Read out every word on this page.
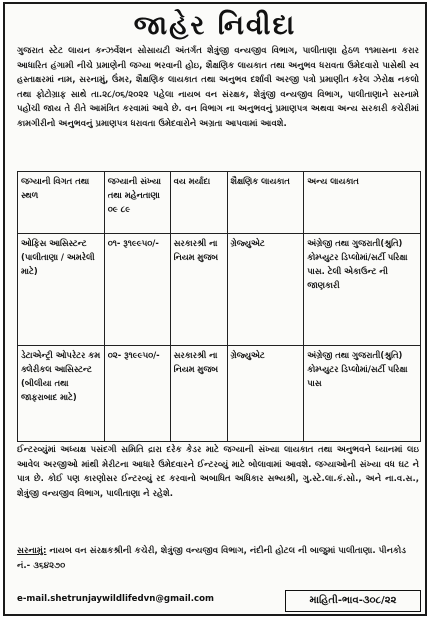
જાહેર નિવીદા
ગુજરાત સ્ટેટ લાયન કન્ઝર્વેશન સોસાયટી અંતર્ગત શેત્રુંજી વન્યજીવ વિભાગ, પાલીતાણા હેઠળ ૧૧માસના કરાર આધારિત હંગામી નીચે પ્રમાણેની જગ્યા ભરવાની હોઇ, શૈક્ષણિક લાયકાત તથા અનુભવ ધરાવતા ઉમેદવારો પાસેથી સ્વ હસ્તાક્ષરમાં નામ, સરનામું, ઉંમર, શૈક્ષણિક લાયકાત તથા અનુભવ દર્શાવી અરજી પત્રો પ્રમાણીત કરેલ ઝેરોક્ષ નકલો તથા ફોટોગ્રાફ સાથે તા.૨૮/૦૬/૨૦૨૨ પહેલા નાયબ વન સંરક્ષક, શેત્રુંજી વન્યજીવ વિભાગ, પાલીતાણાને સરનામે પહોંચી જાય તે રીતે આમંત્રિત કરવામાં આવે છે. વન વિભાગ ના અનુભવનું પ્રમાણપત્ર અથવા અન્ય સરકારી કચેરીમાં કામગીરીનો અનુભવનું પ્રમાણપત્ર ધરાવતા ઉમેદવારોને અગ્રતા આપવામાં આવશે.
જગ્યાની વિગત તથા સ્થળ	જગ્યાની સંખ્યા તથા મહેનતાણા ૦૯ ૮૯	વય મર્યાદા	શૈક્ષણિક લાયકાત	અન્ય લાયકાત
ઓફિસ આસિસ્ટન્ટ (પાલીતાણા / અમરેલી માટે)	૦૧- રૂ૧૯૯૫૦/-	સરકારશ્રી ના નિયમ મુજબ	ગ્રેજ્યુએટ	અંગ્રેજી તથા ગુજરાતી(શ્રુતિ) કોમ્પ્યુટર ડિપ્લોમાં/સર્ટી પરિક્ષા પાસ. ટેલી એકાઉન્ટ ની જાણકારી
ડેટાએન્ટ્રી ઓપરેટર કમ ક્લેરીકલ આસિસ્ટન્ટ (બીલીયા તથા જાફરાબાદ માટે)	૦૨- રૂ૧૯૯૫૦/-	સરકારશ્રી ના નિયમ મુજબ	ગ્રેજ્યુએટ	અંગ્રેજી તથા ગુજરાતી(શ્રુતિ) કોમ્પ્યુટર ડિપ્લોમાં/સર્ટી પરિક્ષા પાસ
ઈન્ટરવ્યુંમાં અધ્યક્ષ પસંદગી સમિતિ દ્રારા દરેક કેડર માટે જગ્યાની સંખ્યા લાયકાત તથા અનુભવને ધ્યાનમાં લઇ આવેલ અરજીઓ માંથી મેરીટના આધારે ઉમેદવારને ઈન્ટરવ્યું માટે બોલાવામાં આવશે. જગ્યાઓની સંખ્યા વધ ઘટ ને પાત્ર છે. કોઈ પણ કારણોસર ઈન્ટરવ્યું રદ કરવાનો અબાધિત અધિકાર સભ્યશ્રી, ગુ.સ્ટે.લા.કં.સો., અને ના.વ.સ., શેત્રુંજી વન્યજીવ વિભાગ, પાલીતાણા ને રહેશે.
સરનામું: નાયબ વન સંરક્ષકશ્રીની કચેરી, શેત્રુંજી વન્યજીવ વિભાગ, નંદીની હોટલ ની બાજુમાં પાલીતાણા. પીનકોડ નં.- ૩૬૪૨૭૦
e-mail.shetrunjaywildlifedvn@gmail.com	માહિતી-ભાવ-૩૦૮/૨૨
